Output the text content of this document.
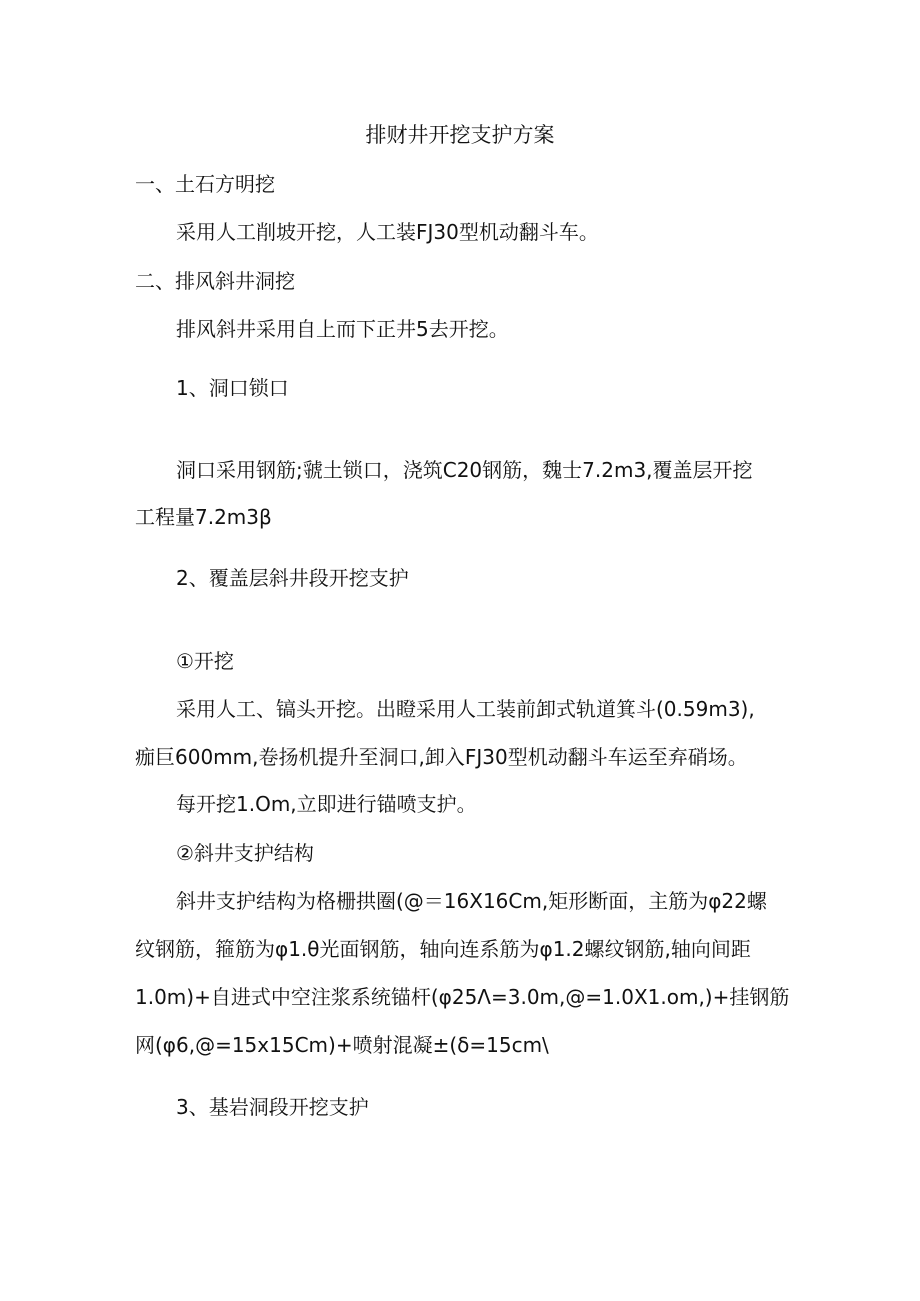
排财井开挖支护方案
一、土石方明挖
采用人工削坡开挖，人工装FJ30型机动翻斗车。
二、排风斜井洞挖
排风斜井采用自上而下正井5去开挖。
1、洞口锁口
洞口采用钢筋;虢土锁口，浇筑C20钢筋，魏士7.2m3,覆盖层开挖
工程量7.2m3β
2、覆盖层斜井段开挖支护
①开挖
采用人工、镐头开挖。出瞪采用人工装前卸式轨道箕斗(0.59m3),
痂巨600mm,卷扬机提升至洞口,卸入FJ30型机动翻斗车运至弃硝场。
每开挖1.Om,立即进行锚喷支护。
②斜井支护结构
斜井支护结构为格栅拱圈(@＝16X16Cm,矩形断面，主筋为φ22螺
纹钢筋，箍筋为φ1.θ光面钢筋，轴向连系筋为φ1.2螺纹钢筋,轴向间距
1.0m)+自进式中空注浆系统锚杆(φ25Λ=3.0m,@=1.0X1.om,)+挂钢筋
网(φ6,@=15x15Cm)+喷射混凝±(δ=15cm\
3、基岩洞段开挖支护
